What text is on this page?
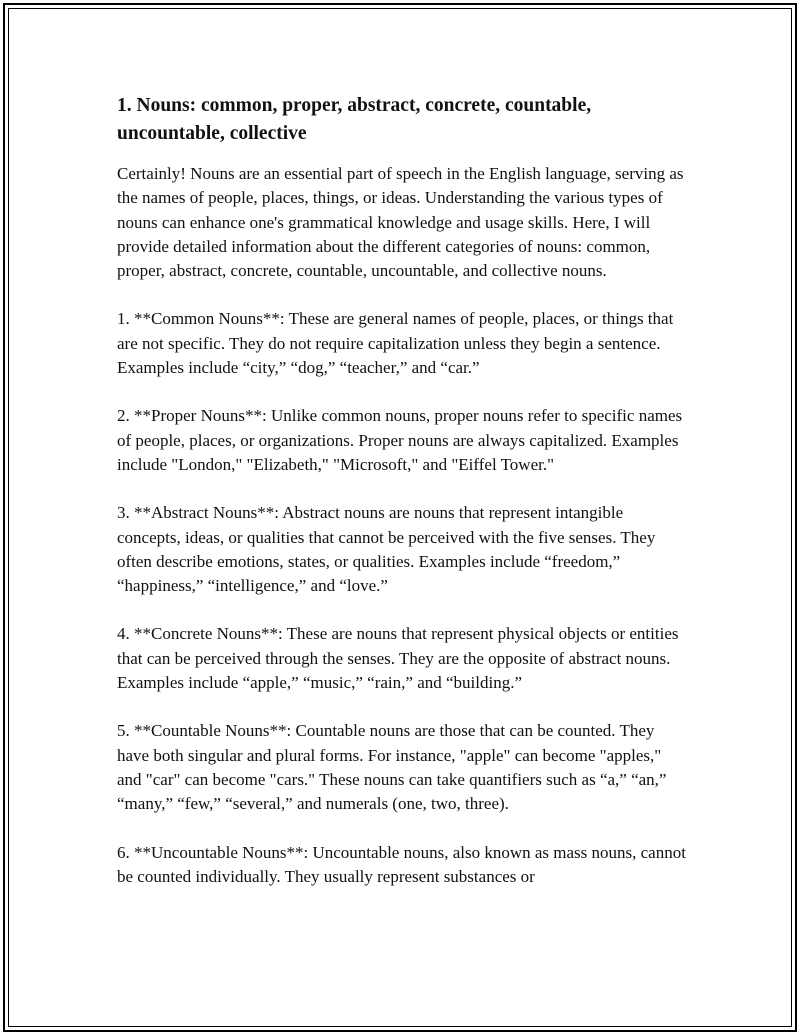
1. Nouns: common, proper, abstract, concrete, countable, uncountable, collective

Certainly! Nouns are an essential part of speech in the English language, serving as the names of people, places, things, or ideas. Understanding the various types of nouns can enhance one's grammatical knowledge and usage skills. Here, I will provide detailed information about the different categories of nouns: common, proper, abstract, concrete, countable, uncountable, and collective nouns.

1. **Common Nouns**: These are general names of people, places, or things that are not specific. They do not require capitalization unless they begin a sentence. Examples include “city,” “dog,” “teacher,” and “car.”

2. **Proper Nouns**: Unlike common nouns, proper nouns refer to specific names of people, places, or organizations. Proper nouns are always capitalized. Examples include "London," "Elizabeth," "Microsoft," and "Eiffel Tower."

3. **Abstract Nouns**: Abstract nouns are nouns that represent intangible concepts, ideas, or qualities that cannot be perceived with the five senses. They often describe emotions, states, or qualities. Examples include “freedom,” “happiness,” “intelligence,” and “love.”

4. **Concrete Nouns**: These are nouns that represent physical objects or entities that can be perceived through the senses. They are the opposite of abstract nouns. Examples include “apple,” “music,” “rain,” and “building.”

5. **Countable Nouns**: Countable nouns are those that can be counted. They have both singular and plural forms. For instance, "apple" can become "apples," and "car" can become "cars." These nouns can take quantifiers such as “a,” “an,” “many,” “few,” “several,” and numerals (one, two, three).

6. **Uncountable Nouns**: Uncountable nouns, also known as mass nouns, cannot be counted individually. They usually represent substances or
